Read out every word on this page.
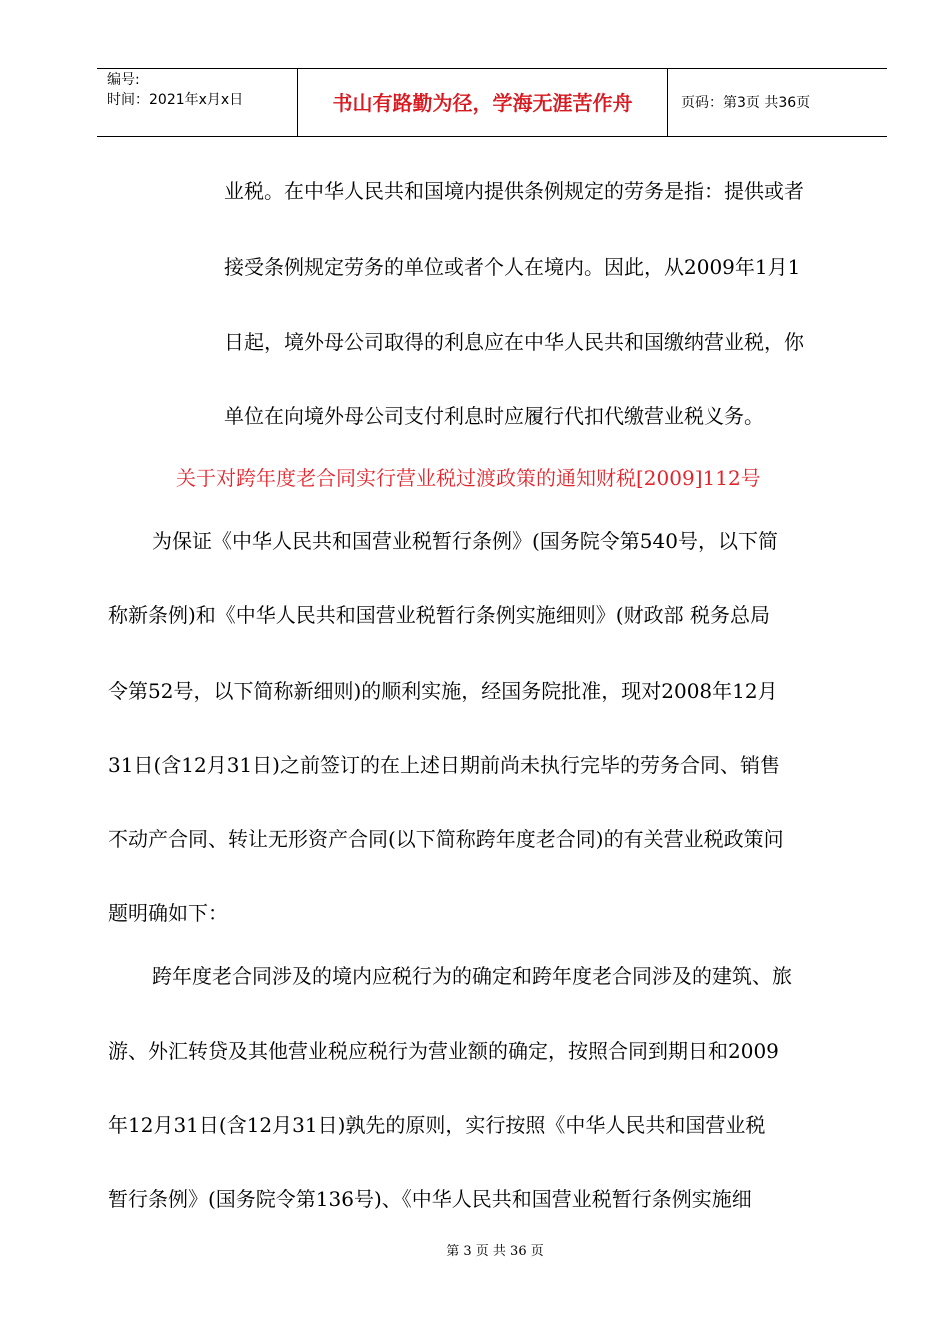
编号:
时间：2021年x月x日	书山有路勤为径，学海无涯苦作舟	页码：第3页 共36页
业税。在中华人民共和国境内提供条例规定的劳务是指：提供或者
接受条例规定劳务的单位或者个人在境内。因此，从2009年1月1
日起，境外母公司取得的利息应在中华人民共和国缴纳营业税，你
单位在向境外母公司支付利息时应履行代扣代缴营业税义务。
关于对跨年度老合同实行营业税过渡政策的通知财税[2009]112号
为保证《中华人民共和国营业税暂行条例》(国务院令第540号，以下简
称新条例)和《中华人民共和国营业税暂行条例实施细则》(财政部 税务总局
令第52号，以下简称新细则)的顺利实施，经国务院批准，现对2008年12月
31日(含12月31日)之前签订的在上述日期前尚未执行完毕的劳务合同、销售
不动产合同、转让无形资产合同(以下简称跨年度老合同)的有关营业税政策问
题明确如下：
跨年度老合同涉及的境内应税行为的确定和跨年度老合同涉及的建筑、旅
游、外汇转贷及其他营业税应税行为营业额的确定，按照合同到期日和2009
年12月31日(含12月31日)孰先的原则，实行按照《中华人民共和国营业税
暂行条例》(国务院令第136号)、《中华人民共和国营业税暂行条例实施细
第 3 页 共 36 页
